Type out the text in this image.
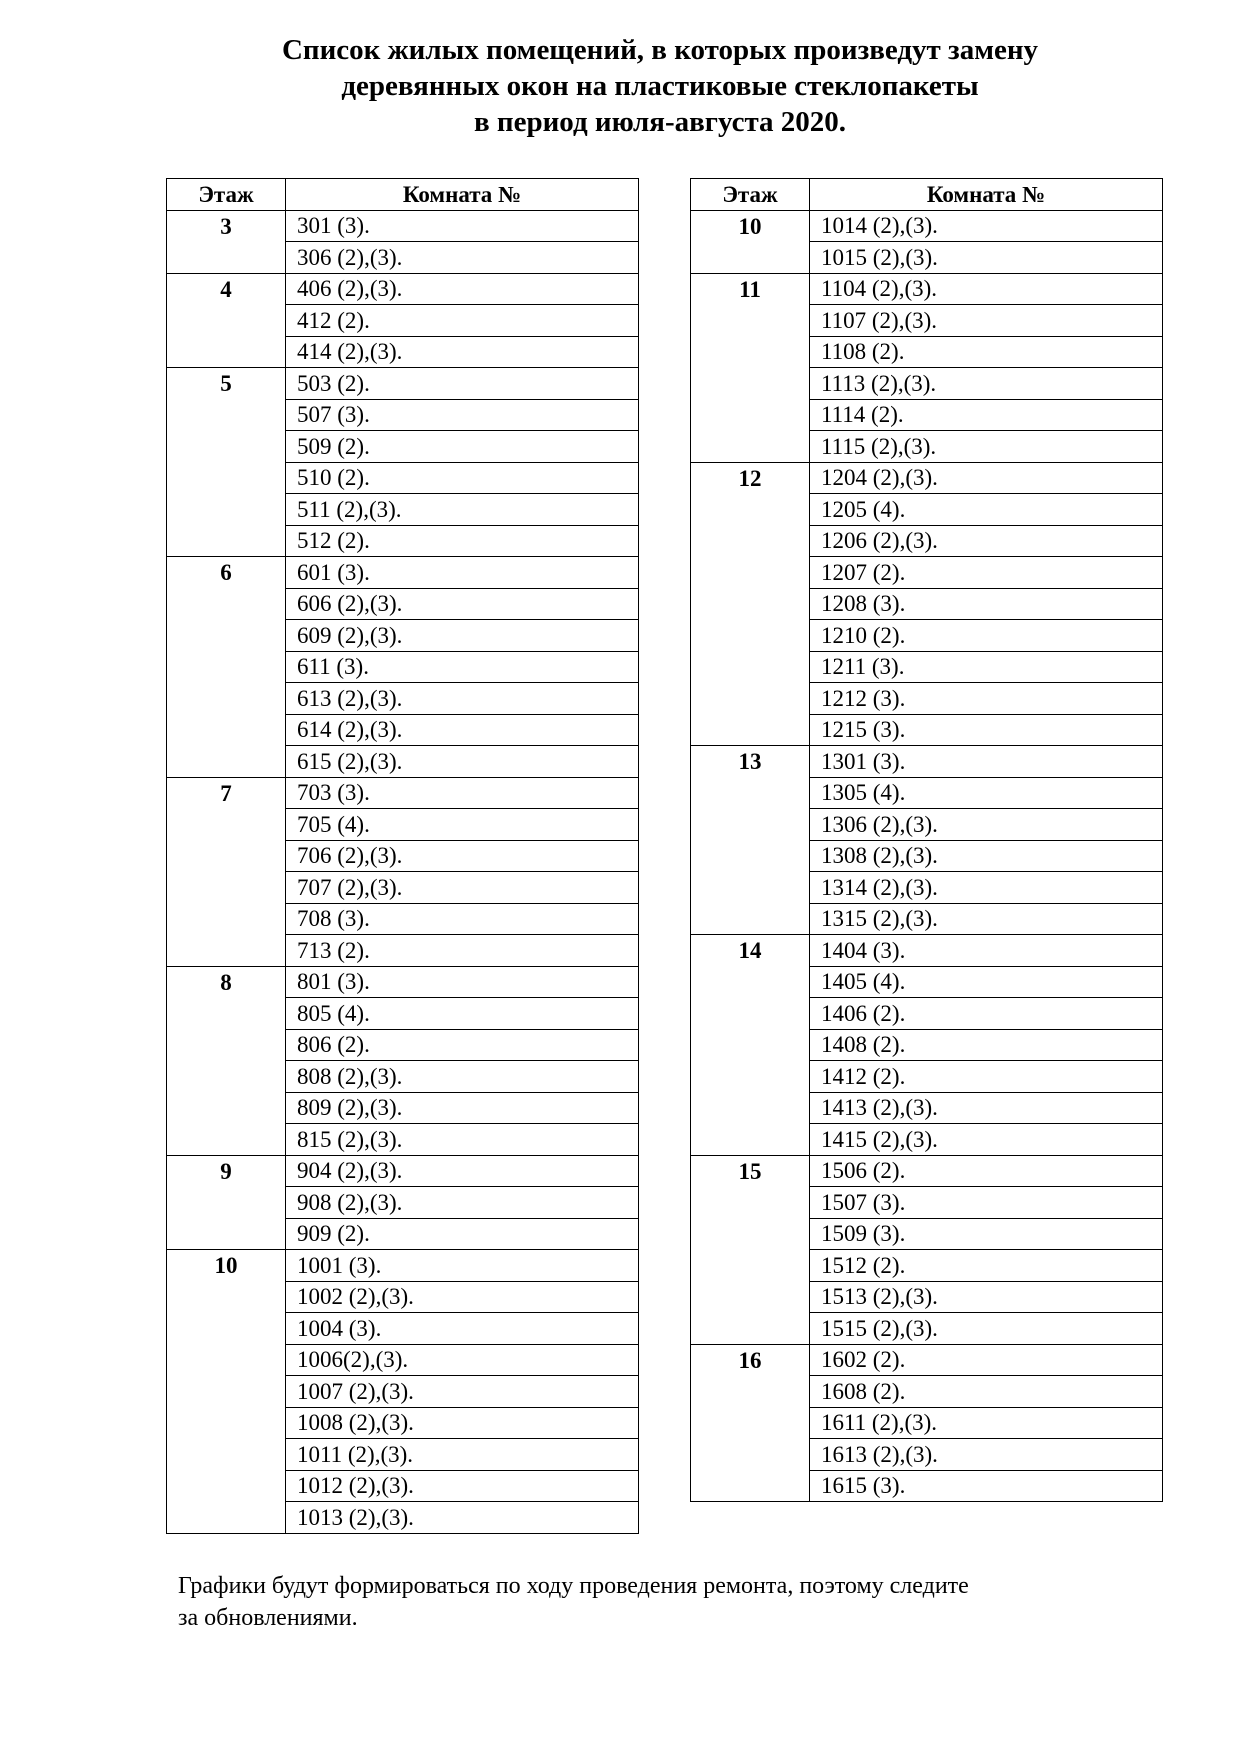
Список жилых помещений, в которых произведут замену
деревянных окон на пластиковые стеклопакеты
в период июля-августа 2020.
Этаж	Комната №
3	301 (3).
	306 (2),(3).
4	406 (2),(3).
	412 (2).
	414 (2),(3).
5	503 (2).
	507 (3).
	509 (2).
	510 (2).
	511 (2),(3).
	512 (2).
6	601 (3).
	606 (2),(3).
	609 (2),(3).
	611 (3).
	613 (2),(3).
	614 (2),(3).
	615 (2),(3).
7	703 (3).
	705 (4).
	706 (2),(3).
	707 (2),(3).
	708 (3).
	713 (2).
8	801 (3).
	805 (4).
	806 (2).
	808 (2),(3).
	809 (2),(3).
	815 (2),(3).
9	904 (2),(3).
	908 (2),(3).
	909 (2).
10	1001 (3).
	1002 (2),(3).
	1004 (3).
	1006(2),(3).
	1007 (2),(3).
	1008 (2),(3).
	1011 (2),(3).
	1012 (2),(3).
	1013 (2),(3).
Этаж	Комната №
10	1014 (2),(3).
	1015 (2),(3).
11	1104 (2),(3).
	1107 (2),(3).
	1108 (2).
	1113 (2),(3).
	1114 (2).
	1115 (2),(3).
12	1204 (2),(3).
	1205 (4).
	1206 (2),(3).
	1207 (2).
	1208 (3).
	1210 (2).
	1211 (3).
	1212 (3).
	1215 (3).
13	1301 (3).
	1305 (4).
	1306 (2),(3).
	1308 (2),(3).
	1314 (2),(3).
	1315 (2),(3).
14	1404 (3).
	1405 (4).
	1406 (2).
	1408 (2).
	1412 (2).
	1413 (2),(3).
	1415 (2),(3).
15	1506 (2).
	1507 (3).
	1509 (3).
	1512 (2).
	1513 (2),(3).
	1515 (2),(3).
16	1602 (2).
	1608 (2).
	1611 (2),(3).
	1613 (2),(3).
	1615 (3).

Графики будут формироваться по ходу проведения ремонта, поэтому следите
за обновлениями.
